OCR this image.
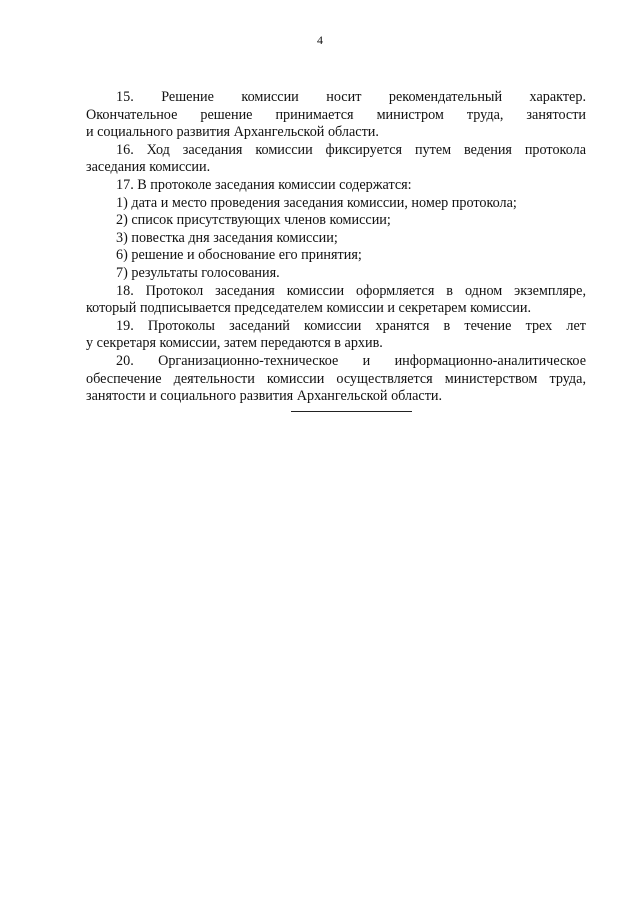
4
15. Решение комиссии носит рекомендательный характер.
Окончательное решение принимается министром труда, занятости
и социального развития Архангельской области.
16. Ход заседания комиссии фиксируется путем ведения протокола
заседания комиссии.
17. В протоколе заседания комиссии содержатся:
1) дата и место проведения заседания комиссии, номер протокола;
2) список присутствующих членов комиссии;
3) повестка дня заседания комиссии;
6) решение и обоснование его принятия;
7) результаты голосования.
18. Протокол заседания комиссии оформляется в одном экземпляре,
который подписывается председателем комиссии и секретарем комиссии.
19. Протоколы заседаний комиссии хранятся в течение трех лет
у секретаря комиссии, затем передаются в архив.
20. Организационно-техническое и информационно-аналитическое
обеспечение деятельности комиссии осуществляется министерством труда,
занятости и социального развития Архангельской области.
